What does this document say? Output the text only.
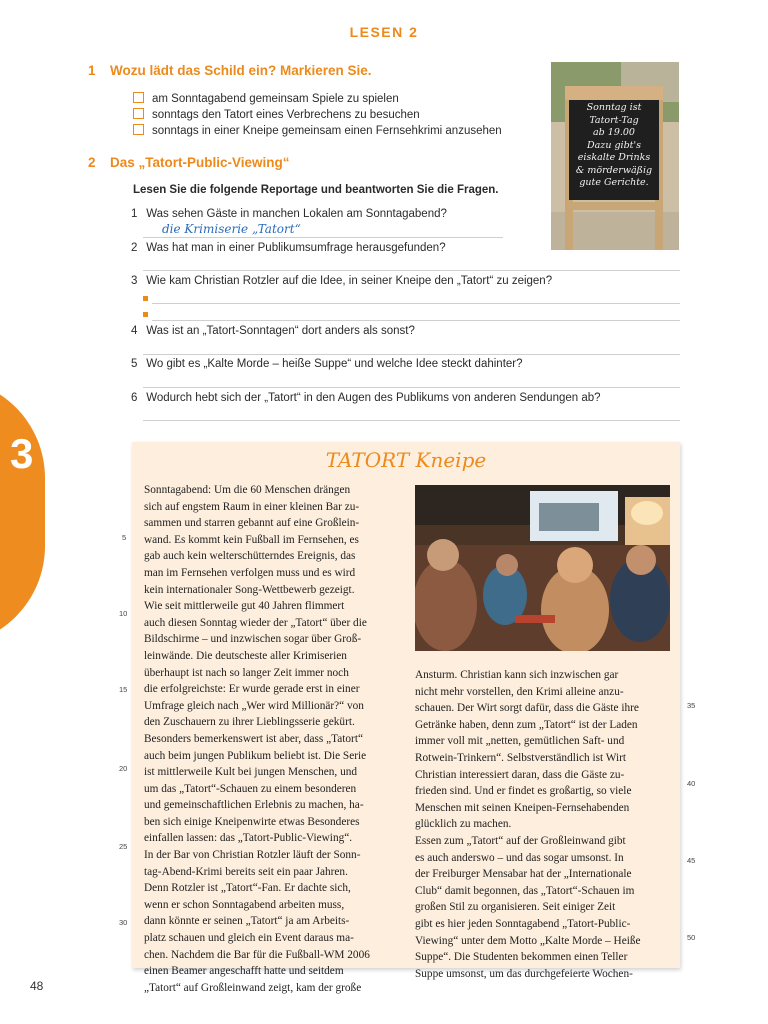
LESEN 2
1 Wozu lädt das Schild ein? Markieren Sie.
am Sonntagabend gemeinsam Spiele zu spielen
sonntags den Tatort eines Verbrechens zu besuchen
sonntags in einer Kneipe gemeinsam einen Fernsehkrimi anzusehen
Sonntag ist
Tatort-Tag
ab 19.00
Dazu gibt's
eiskalte Drinks
& mörderwäßig
gute Gerichte.
2 Das „Tatort-Public-Viewing“
Lesen Sie die folgende Reportage und beantworten Sie die Fragen.
1 Was sehen Gäste in manchen Lokalen am Sonntagabend?
die Krimiserie „Tatort“
2 Was hat man in einer Publikumsumfrage herausgefunden?
3 Wie kam Christian Rotzler auf die Idee, in seiner Kneipe den „Tatort“ zu zeigen?
4 Was ist an „Tatort-Sonntagen“ dort anders als sonst?
5 Wo gibt es „Kalte Morde – heiße Suppe“ und welche Idee steckt dahinter?
6 Wodurch hebt sich der „Tatort“ in den Augen des Publikums von anderen Sendungen ab?
3	TATORT Kneipe
Sonntagabend: Um die 60 Menschen drängen
sich auf engstem Raum in einer kleinen Bar zu-
sammen und starren gebannt auf eine Großlein-
wand. Es kommt kein Fußball im Fernsehen, es
gab auch kein welterschütterndes Ereignis, das
man im Fernsehen verfolgen muss und es wird
kein internationaler Song-Wettbewerb gezeigt.
Wie seit mittlerweile gut 40 Jahren flimmert
auch diesen Sonntag wieder der „Tatort“ über die
Bildschirme – und inzwischen sogar über Groß-
leinwände. Die deutscheste aller Krimiserien
überhaupt ist nach so langer Zeit immer noch
die erfolgreichste: Er wurde gerade erst in einer
Umfrage gleich nach „Wer wird Millionär?“ von
den Zuschauern zu ihrer Lieblingsserie gekürt.
Besonders bemerkenswert ist aber, dass „Tatort“
auch beim jungen Publikum beliebt ist. Die Serie
ist mittlerweile Kult bei jungen Menschen, und
um das „Tatort“-Schauen zu einem besonderen
und gemeinschaftlichen Erlebnis zu machen, ha-
ben sich einige Kneipenwirte etwas Besonderes
einfallen lassen: das „Tatort-Public-Viewing“.
In der Bar von Christian Rotzler läuft der Sonn-
tag-Abend-Krimi bereits seit ein paar Jahren.
Denn Rotzler ist „Tatort“-Fan. Er dachte sich,
wenn er schon Sonntagabend arbeiten muss,
dann könnte er seinen „Tatort“ ja am Arbeits-
platz schauen und gleich ein Event daraus ma-
chen. Nachdem die Bar für die Fußball-WM 2006
einen Beamer angeschafft hatte und seitdem
„Tatort“ auf Großleinwand zeigt, kam der große
Ansturm. Christian kann sich inzwischen gar
nicht mehr vorstellen, den Krimi alleine anzu-
schauen. Der Wirt sorgt dafür, dass die Gäste ihre
Getränke haben, denn zum „Tatort“ ist der Laden
immer voll mit „netten, gemütlichen Saft- und
Rotwein-Trinkern“. Selbstverständlich ist Wirt
Christian interessiert daran, dass die Gäste zu-
frieden sind. Und er findet es großartig, so viele
Menschen mit seinen Kneipen-Fernsehabenden
glücklich zu machen.
Essen zum „Tatort“ auf der Großleinwand gibt
es auch anderswo – und das sogar umsonst. In
der Freiburger Mensabar hat der „Internationale
Club“ damit begonnen, das „Tatort“-Schauen im
großen Stil zu organisieren. Seit einiger Zeit
gibt es hier jeden Sonntagabend „Tatort-Public-
Viewing“ unter dem Motto „Kalte Morde – Heiße
Suppe“. Die Studenten bekommen einen Teller
Suppe umsonst, um das durchgefeierte Wochen-
5
10
15
20
25
30
35
40
45
50
48
